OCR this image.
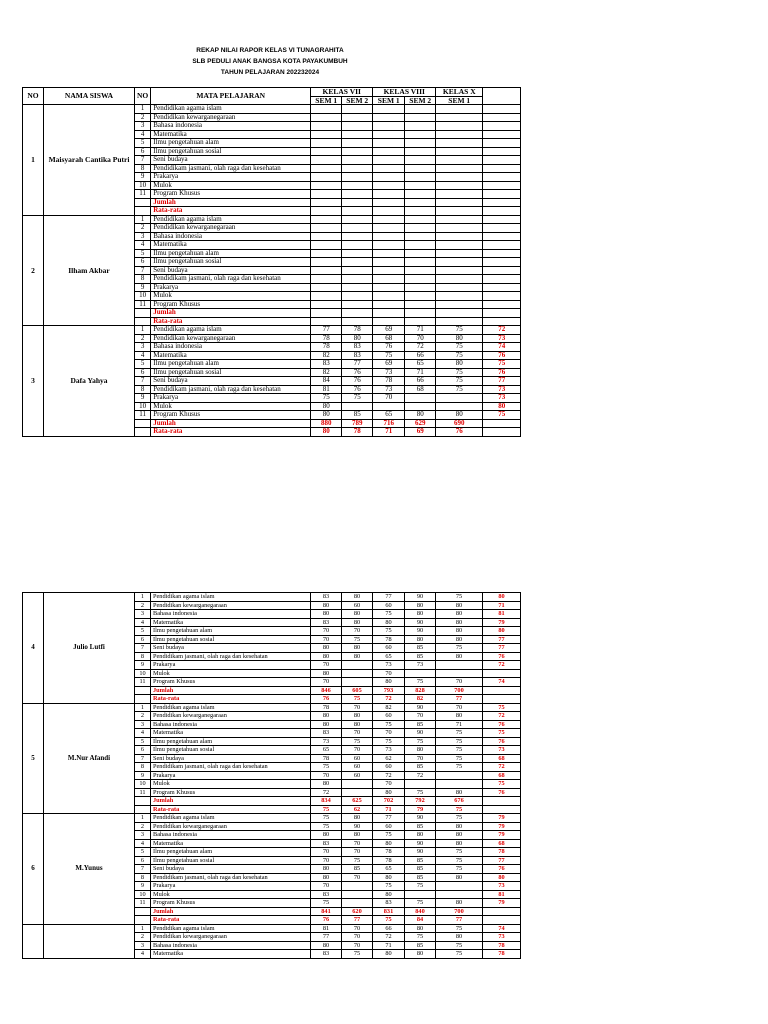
REKAP NILAI RAPOR KELAS VI TUNAGRAHITA
SLB PEDULI ANAK BANGSA KOTA PAYAKUMBUH
TAHUN PELAJARAN 202232024
NO	NAMA SISWA	NO	MATA PELAJARAN	KELAS VII		KELAS VIII		KELAS X	
				SEM 1	SEM 2	SEM 1	SEM 2	SEM 1	
1	Maisyarah Cantika Putri	1	Pendidikan agama islam						
		2	Pendidikan kewarganegaraan						
		3	Bahasa indonesia						
		4	Matematika						
		5	Ilmu pengetahuan alam						
		6	Ilmu pengetahuan sosial						
		7	Seni budaya						
		8	Pendidikam jasmani, olah raga dan kesehatan						
		9	Prakarya						
		10	Mulok						
		11	Program Khusus						
			Jumlah						
			Rata-rata						
2	Ilham Akbar	1	Pendidikan agama islam						
		2	Pendidikan kewarganegaraan						
		3	Bahasa indonesia						
		4	Matematika						
		5	Ilmu pengetahuan alam						
		6	Ilmu pengetahuan sosial						
		7	Seni budaya						
		8	Pendidikam jasmani, olah raga dan kesehatan						
		9	Prakarya						
		10	Mulok						
		11	Program Khusus						
			Jumlah						
			Rata-rata						
3	Dafa Yahya	1	Pendidikan agama islam	77	78	69	71	75	72
		2	Pendidikan kewarganegaraan	78	80	68	70	80	73
		3	Bahasa indonesia	78	83	76	72	75	74
		4	Matematika	82	83	75	66	75	76
		5	Ilmu pengetahuan alam	83	77	69	65	80	75
		6	Ilmu pengetahuan sosial	82	76	73	71	75	76
		7	Seni budaya	84	76	78	66	75	77
		8	Pendidikam jasmani, olah raga dan kesehatan	81	76	73	68	75	73
		9	Prakarya	75	75	70			73
		10	Mulok	80					80
		11	Program Khusus	80	85	65	80	80	75
			Jumlah	880	789	716	629	690	
			Rata-rata	80	78	71	69	76	
4	Julio Lutfi	1	Pendidikan agama islam	83	80	77	90	75	80
		2	Pendidikan kewarganegaraan	80	60	60	80	80	71
		3	Bahasa indonesia	80	80	75	80	80	81
		4	Matematika	83	80	80	90	80	79
		5	Ilmu pengetahuan alam	70	70	75	90	80	80
		6	Ilmu pengetahuan sosial	70	75	78	80	80	77
		7	Seni budaya	80	80	60	85	75	77
		8	Pendidikam jasmani, olah raga dan kesehatan	80	80	65	85	80	76
		9	Prakarya	70		73	73		72
		10	Mulok	80		70			
		11	Program Khusus	70		80	75	70	74
			Jumlah	846	605	793	828	700	
			Rata-rata	76	75	72	82	77	
5	M.Nur Afandi	1	Pendidikan agama islam	78	70	82	90	70	75
		2	Pendidikan kewarganegaraan	80	80	60	70	80	72
		3	Bahasa indonesia	80	80	75	85	71	76
		4	Matematika	83	70	70	90	75	75
		5	Ilmu pengetahuan alam	73	75	75	75	75	76
		6	Ilmu pengetahuan sosial	65	70	73	80	75	73
		7	Seni budaya	78	60	62	70	75	68
		8	Pendidikam jasmani, olah raga dan kesehatan	75	60	60	85	75	72
		9	Prakarya	70	60	72	72		68
		10	Mulok	80		70			75
		11	Program Khusus	72		80	75	80	76
			Jumlah	834	625	702	792	676	
			Rata-rata	75	62	71	79	75	
6	M.Yunus	1	Pendidikan agama islam	75	80	77	90	75	79
		2	Pendidikan kewarganegaraan	75	90	60	85	80	79
		3	Bahasa indonesia	80	80	75	80	80	79
		4	Matematika	83	70	80	90	80	68
		5	Ilmu pengetahuan alam	70	70	78	90	75	78
		6	Ilmu pengetahuan sosial	70	75	78	85	75	77
		7	Seni budaya	80	85	65	85	75	76
		8	Pendidikam jasmani, olah raga dan kesehatan	80	70	80	85	80	80
		9	Prakarya	70		75	75		73
		10	Mulok	83		80			81
		11	Program Khusus	75		83	75	80	79
			Jumlah	841	620	831	840	700	
			Rata-rata	76	77	75	84	77	
		1	Pendidikan agama islam	81	70	66	80	75	74
		2	Pendidikan kewarganegaraan	77	70	72	75	80	73
		3	Bahasa indonesia	80	70	71	85	75	78
		4	Matematika	83	75	80	80	75	78
